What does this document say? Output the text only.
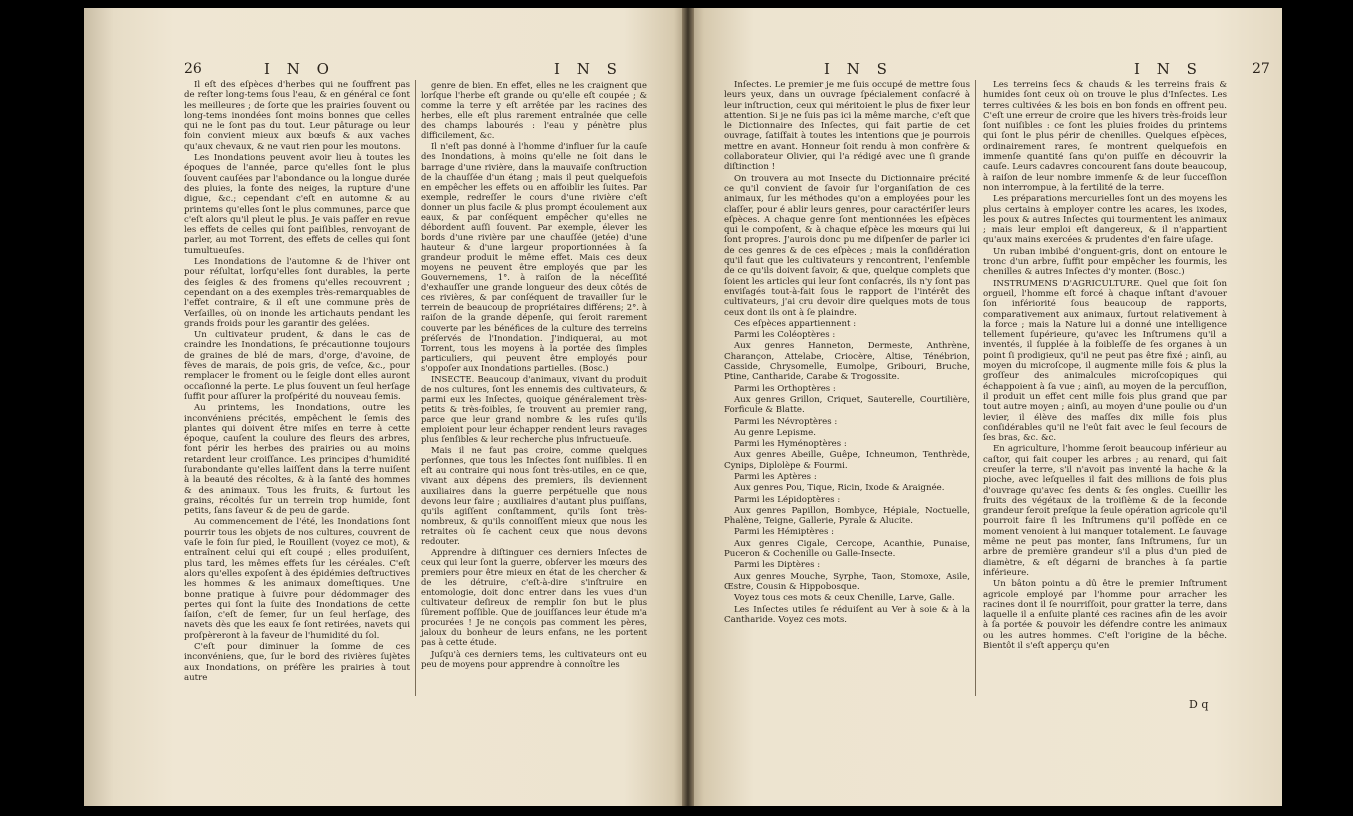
26	I N O	I N S

Il eſt des eſpèces d'herbes qui ne ſouffrent pas de reſter long-tems ſous l'eau, & en général ce ſont les meilleures ; de ſorte que les prairies ſouvent ou long-tems inondées ſont moins bonnes que celles qui ne le ſont pas du tout. Leur pâturage ou leur foin convient mieux aux bœufs & aux vaches qu'aux chevaux, & ne vaut rien pour les moutons.

Les Inondations peuvent avoir lieu à toutes les époques de l'année, parce qu'elles ſont le plus ſouvent cauſées par l'abondance ou la longue durée des pluies, la fonte des neiges, la rupture d'une digue, &c.; cependant c'eſt en automne & au printems qu'elles ſont le plus communes, parce que c'eſt alors qu'il pleut le plus. Je vais paſſer en revue les effets de celles qui ſont paiſibles, renvoyant de parler, au mot Torrent, des effets de celles qui ſont tumultueuſes.

Les Inondations de l'automne & de l'hiver ont pour réſultat, lorſqu'elles ſont durables, la perte des ſeigles & des fromens qu'elles recouvrent ; cependant on a des exemples très-remarquables de l'effet contraire, & il eſt une commune près de Verſailles, où on inonde les artichauts pendant les grands froids pour les garantir des gelées.

Un cultivateur prudent, & dans le cas de craindre les Inondations, ſe précautionne toujours de graines de blé de mars, d'orge, d'avoine, de fèves de marais, de pois gris, de veſce, &c., pour remplacer le froment ou le ſeigle dont elles auront occaſionné la perte. Le plus ſouvent un ſeul herſage ſuffit pour aſſurer la proſpérité du nouveau ſemis.

Au printems, les Inondations, outre les inconvéniens précités, empêchent le ſemis des plantes qui doivent être miſes en terre à cette époque, cauſent la coulure des fleurs des arbres, font périr les herbes des prairies ou au moins retardent leur croiſſance. Les principes d'humidité ſurabondante qu'elles laiſſent dans la terre nuiſent à la beauté des récoltes, & à la ſanté des hommes & des animaux. Tous les fruits, & ſurtout les grains, récoltés ſur un terrein trop humide, ſont petits, ſans ſaveur & de peu de garde.

Au commencement de l'été, les Inondations ſont pourrir tous les objets de nos cultures, couvrent de vaſe le foin ſur pied, le Rouillent (voyez ce mot), & entraînent celui qui eſt coupé ; elles produiſent, plus tard, les mêmes effets ſur les céréales. C'eſt alors qu'elles expoſent à des épidémies deſtructives les hommes & les animaux domeſtiques. Une bonne pratique à ſuivre pour dédommager des pertes qui ſont la ſuite des Inondations de cette ſaiſon, c'eſt de ſemer, ſur un ſeul herſage, des navets dès que les eaux ſe ſont retirées, navets qui proſpèreront à la faveur de l'humidité du ſol.

C'eſt pour diminuer la ſomme de ces inconvéniens, que, ſur le bord des rivières ſujètes aux Inondations, on préfère les prairies à tout autre

genre de bien. En effet, elles ne les craignent que lorſque l'herbe eſt grande ou qu'elle eſt coupée ; & comme la terre y eſt arrêtée par les racines des herbes, elle eſt plus rarement entraînée que celle des champs labourés : l'eau y pénètre plus difficilement, &c.

Il n'eſt pas donné à l'homme d'influer ſur la cauſe des Inondations, à moins qu'elle ne ſoit dans le barrage d'une rivière, dans la mauvaiſe conſtruction de la chauſſée d'un étang ; mais il peut quelquefois en empêcher les effets ou en affoiblir les ſuites. Par exemple, redreſſer le cours d'une rivière c'eſt donner un plus facile & plus prompt écoulement aux eaux, & par conſéquent empêcher qu'elles ne débordent auſſi ſouvent. Par exemple, élever les bords d'une rivière par une chauſſée (jetée) d'une hauteur & d'une largeur proportionnées à ſa grandeur produit le même effet. Mais ces deux moyens ne peuvent être employés que par les Gouvernemens, 1°. à raiſon de la néceſſité d'exhauſſer une grande longueur des deux côtés de ces rivières, & par conſéquent de travailler ſur le terrein de beaucoup de propriétaires différens; 2°. à raiſon de la grande dépenſe, qui ſeroit rarement couverte par les bénéfices de la culture des terreins préſervés de l'Inondation. J'indiquerai, au mot Torrent, tous les moyens à la portée des ſimples particuliers, qui peuvent être employés pour s'oppoſer aux Inondations partielles. (Bosc.)

INSECTE. Beaucoup d'animaux, vivant du produit de nos cultures, ſont les ennemis des cultivateurs, & parmi eux les Inſectes, quoique généralement très-petits & très-foibles, ſe trouvent au premier rang, parce que leur grand nombre & les ruſes qu'ils emploient pour leur échapper rendent leurs ravages plus ſenſibles & leur recherche plus infructueuſe.

Mais il ne faut pas croire, comme quelques perſonnes, que tous les Inſectes ſont nuiſibles. Il en eſt au contraire qui nous ſont très-utiles, en ce que, vivant aux dépens des premiers, ils deviennent auxiliaires dans la guerre perpétuelle que nous devons leur faire ; auxiliaires d'autant plus puiſſans, qu'ils agiſſent conſtamment, qu'ils ſont très-nombreux, & qu'ils connoiſſent mieux que nous les retraites où ſe cachent ceux que nous devons redouter.

Apprendre à diſtinguer ces derniers Inſectes de ceux qui leur ſont la guerre, obſerver les mœurs des premiers pour être mieux en état de les chercher & de les détruire, c'eſt-à-dire s'inſtruire en entomologie, doit donc entrer dans les vues d'un cultivateur deſireux de remplir ſon but le plus ſûrement poſſible. Que de jouiſſances leur étude m'a procurées ! Je ne conçois pas comment les pères, jaloux du bonheur de leurs enfans, ne les portent pas à cette étude.

Juſqu'à ces derniers tems, les cultivateurs ont eu peu de moyens pour apprendre à connoître les

I N S	I N S	27

Inſectes. Le premier je me ſuis occupé de mettre ſous leurs yeux, dans un ouvrage ſpécialement conſacré à leur inſtruction, ceux qui méritoient le plus de fixer leur attention. Si je ne ſuis pas ici la même marche, c'eſt que le Dictionnaire des Inſectes, qui fait partie de cet ouvrage, ſatiſfait à toutes les intentions que je pourrois mettre en avant. Honneur ſoit rendu à mon confrère & collaborateur Olivier, qui l'a rédigé avec une ſi grande diſtinction !

On trouvera au mot Insecte du Dictionnaire précité ce qu'il convient de ſavoir ſur l'organiſation de ces animaux, ſur les méthodes qu'on a employées pour les claſſer, pour é ablir leurs genres, pour caractériſer leurs eſpèces. A chaque genre ſont mentionnées les eſpèces qui le compoſent, & à chaque eſpèce les mœurs qui lui ſont propres. J'aurois donc pu me diſpenſer de parler ici de ces genres & de ces eſpèces ; mais la conſidération qu'il faut que les cultivateurs y rencontrent, l'enſemble de ce qu'ils doivent ſavoir, & que, quelque complets que ſoient les articles qui leur ſont conſacrés, ils n'y ſont pas enviſagés tout-à-fait ſous le rapport de l'intérêt des cultivateurs, j'ai cru devoir dire quelques mots de tous ceux dont ils ont à ſe plaindre.

Ces eſpèces appartiennent :

Parmi les Coléoptères :

Aux genres Hanneton, Dermeste, Anthrène, Charançon, Attelabe, Criocère, Altise, Ténébrion, Casside, Chrysomelle, Eumolpe, Gribouri, Bruche, Ptine, Cantharide, Carabe & Trogossite.

Parmi les Orthoptères :

Aux genres Grillon, Criquet, Sauterelle, Courtilière, Forficule & Blatte.

Parmi les Névroptères :

Au genre Lepisme.

Parmi les Hyménoptères :

Aux genres Abeille, Guêpe, Ichneumon, Tenthrède, Cynips, Diplolèpe & Fourmi.

Parmi les Aptères :

Aux genres Pou, Tique, Ricin, Ixode & Araignée.

Parmi les Lépidoptères :

Aux genres Papillon, Bombyce, Hépiale, Noctuelle, Phalène, Teigne, Gallerie, Pyrale & Alucite.

Parmi les Hémiptères :

Aux genres Cigale, Cercope, Acanthie, Punaise, Puceron & Cochenille ou Galle-Insecte.

Parmi les Diptères :

Aux genres Mouche, Syrphe, Taon, Stomoxe, Asile, Œstre, Cousin & Hippobosque.

Voyez tous ces mots & ceux Chenille, Larve, Galle.

Les Inſectes utiles ſe réduiſent au Ver à soie & à la Cantharide. Voyez ces mots.

Les terreins ſecs & chauds & les terreins frais & humides ſont ceux où on trouve le plus d'Inſectes. Les terres cultivées & les bois en bon fonds en offrent peu. C'eſt une erreur de croire que les hivers très-froids leur ſont nuiſibles : ce ſont les pluies froides du printems qui ſont le plus périr de chenilles. Quelques eſpèces, ordinairement rares, ſe montrent quelquefois en immenſe quantité ſans qu'on puiſſe en découvrir la cauſe. Leurs cadavres concourent ſans doute beaucoup, à raiſon de leur nombre immenſe & de leur ſucceſſion non interrompue, à la fertilité de la terre.

Les préparations mercurielles ſont un des moyens les plus certains à employer contre les acares, les ixodes, les poux & autres Inſectes qui tourmentent les animaux ; mais leur emploi eſt dangereux, & il n'appartient qu'aux mains exercées & prudentes d'en faire uſage.

Un ruban imbibé d'onguent-gris, dont on entoure le tronc d'un arbre, ſuffit pour empêcher les fourmis, les chenilles & autres Inſectes d'y monter. (Bosc.)

INSTRUMENS D'AGRICULTURE. Quel que ſoit ſon orgueil, l'homme eſt forcé à chaque inſtant d'avouer ſon infériorité ſous beaucoup de rapports, comparativement aux animaux, ſurtout relativement à la force ; mais la Nature lui a donné une intelligence tellement ſupérieure, qu'avec les Inſtrumens qu'il a inventés, il ſupplée à la foibleſſe de ſes organes à un point ſi prodigieux, qu'il ne peut pas être fixé ; ainſi, au moyen du microſcope, il augmente mille fois & plus la groſſeur des animalcules microſcopiques qui échappoient à ſa vue ; ainſi, au moyen de la percuſſion, il produit un effet cent mille fois plus grand que par tout autre moyen ; ainſi, au moyen d'une poulie ou d'un levier, il élève des maſſes dix mille fois plus conſidérables qu'il ne l'eût fait avec le ſeul ſecours de ſes bras, &c. &c.

En agriculture, l'homme ſeroit beaucoup inférieur au caſtor, qui fait couper les arbres ; au renard, qui ſait creuſer la terre, s'il n'avoit pas inventé la hache & la pioche, avec leſquelles il fait des millions de fois plus d'ouvrage qu'avec ſes dents & ſes ongles. Cueillir les fruits des végétaux de la troiſième & de la ſeconde grandeur ſeroit preſque la ſeule opération agricole qu'il pourroit faire ſi les Inſtrumens qu'il poſſède en ce moment venoient à lui manquer totalement. Le ſauvage même ne peut pas monter, ſans Inſtrumens, ſur un arbre de première grandeur s'il a plus d'un pied de diamètre, & eſt dégarni de branches à ſa partie inférieure.

Un bâton pointu a dû être le premier Inſtrument agricole employé par l'homme pour arracher les racines dont il ſe nourriſſoit, pour gratter la terre, dans laquelle il a enſuite planté ces racines afin de les avoir à ſa portée & pouvoir les défendre contre les animaux ou les autres hommes. C'eſt l'origine de la bêche. Bientôt il s'eſt apperçu qu'en

D q
